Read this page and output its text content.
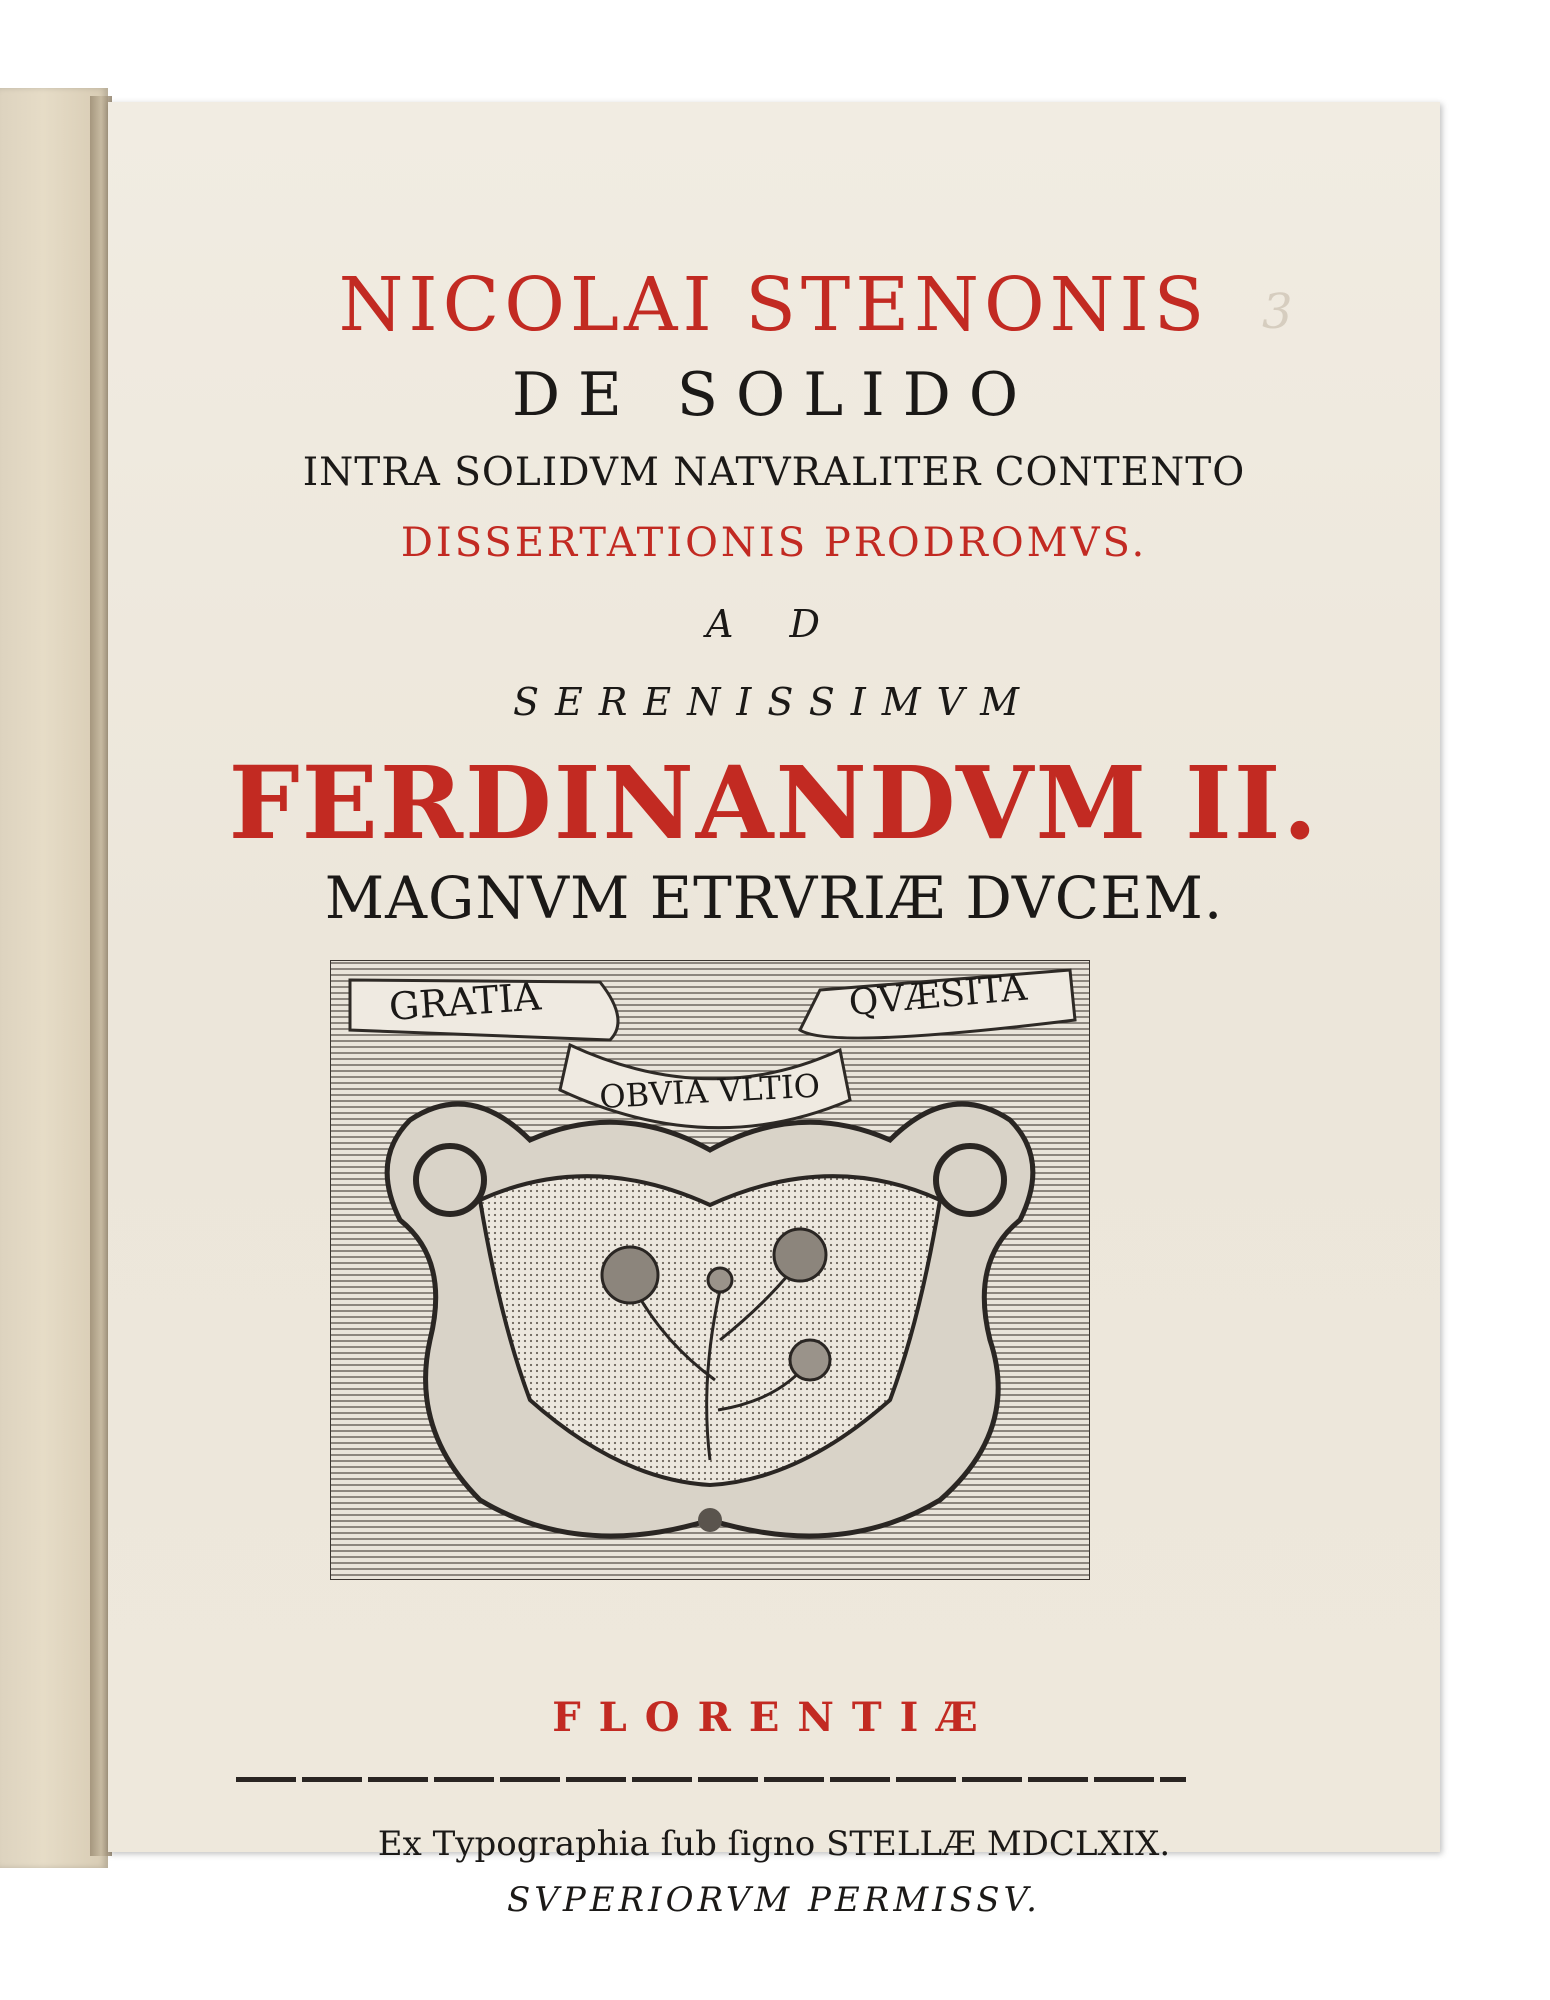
3
NICOLAI STENONIS
DE SOLIDO
INTRA SOLIDVM NATVRALITER CONTENTO
DISSERTATIONIS PRODROMVS.
A D
SERENISSIMVM
FERDINANDVM II.
MAGNVM ETRVRIÆ DVCEM.
GRATIA	QVÆSITA
OBVIA VLTIO
FLORENTIÆ
Ex Typographia ſub ſigno STELLÆ MDCLXIX.
SVPERIORVM PERMISSV.
